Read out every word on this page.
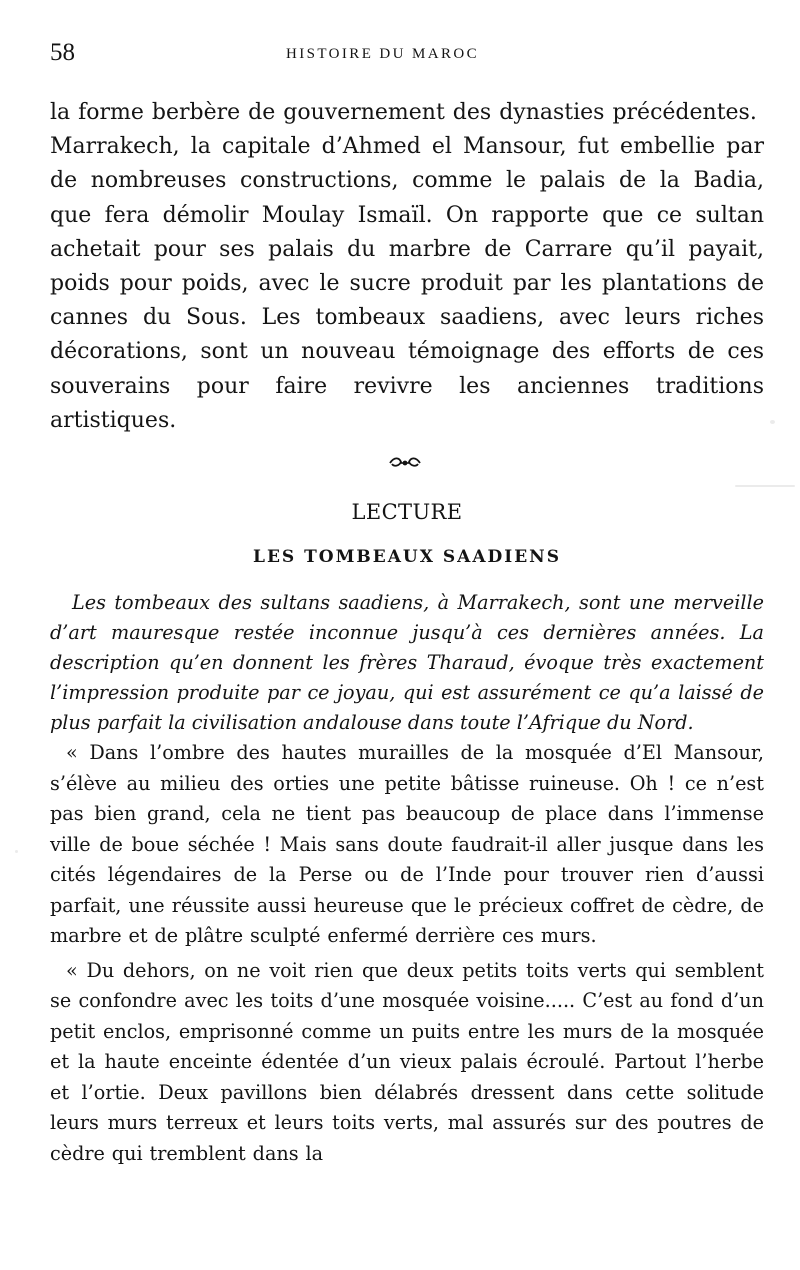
58	HISTOIRE DU MAROC

la forme berbère de gouvernement des dynasties précédentes.

Marrakech, la capitale d’Ahmed el Mansour, fut embellie par de nombreuses constructions, comme le palais de la Badia, que fera démolir Moulay Ismaïl. On rapporte que ce sultan achetait pour ses palais du marbre de Carrare qu’il payait, poids pour poids, avec le sucre produit par les plantations de cannes du Sous. Les tombeaux saadiens, avec leurs riches décorations, sont un nouveau témoignage des efforts de ces souverains pour faire revivre les anciennes traditions artistiques.

LECTURE
LES TOMBEAUX SAADIENS

Les tombeaux des sultans saadiens, à Marrakech, sont une merveille d’art mauresque restée inconnue jusqu’à ces dernières années. La description qu’en donnent les frères Tharaud, évoque très exactement l’impression produite par ce joyau, qui est assurément ce qu’a laissé de plus parfait la civilisation andalouse dans toute l’Afrique du Nord.

« Dans l’ombre des hautes murailles de la mosquée d’El Mansour, s’élève au milieu des orties une petite bâtisse ruineuse. Oh ! ce n’est pas bien grand, cela ne tient pas beaucoup de place dans l’immense ville de boue séchée ! Mais sans doute faudrait-il aller jusque dans les cités légendaires de la Perse ou de l’Inde pour trouver rien d’aussi parfait, une réussite aussi heureuse que le précieux coffret de cèdre, de marbre et de plâtre sculpté enfermé derrière ces murs.

« Du dehors, on ne voit rien que deux petits toits verts qui semblent se confondre avec les toits d’une mosquée voisine..... C’est au fond d’un petit enclos, emprisonné comme un puits entre les murs de la mosquée et la haute enceinte édentée d’un vieux palais écroulé. Partout l’herbe et l’ortie. Deux pavillons bien délabrés dressent dans cette solitude leurs murs terreux et leurs toits verts, mal assurés sur des poutres de cèdre qui tremblent dans la
